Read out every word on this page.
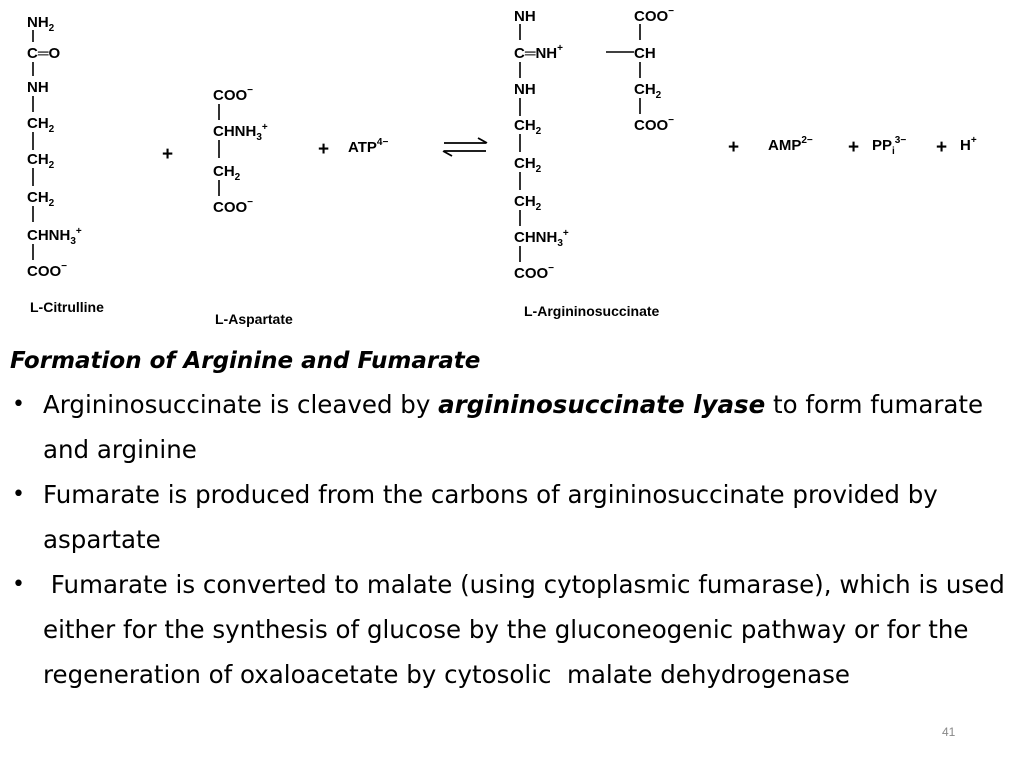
$NH_2$
C═O
NH
$CH_2$
$CH_2$
$CH_2$
$CHNH_3^+$
COO−
L-Citrulline
+
COO−
$CHNH_3^+$
$CH_2$
COO−
L-Aspartate
+ $ATP^{4-}$
NH
C═NH+
NH
$CH_2$
$CH_2$
$CH_2$
$CHNH_3^+$
COO−
COO−
CH
$CH_2$
COO−
L-Argininosuccinate
+ $AMP^{2-} + PP_i^{3-} + H^+$
Formation of Arginine and Fumarate
• Argininosuccinate is cleaved by argininosuccinate lyase to form fumarate and arginine
• Fumarate is produced from the carbons of argininosuccinate provided by aspartate
• Fumarate is converted to malate (using cytoplasmic fumarase), which is used either for the synthesis of glucose by the gluconeogenic pathway or for the regeneration of oxaloacetate by cytosolic  malate dehydrogenase
41
